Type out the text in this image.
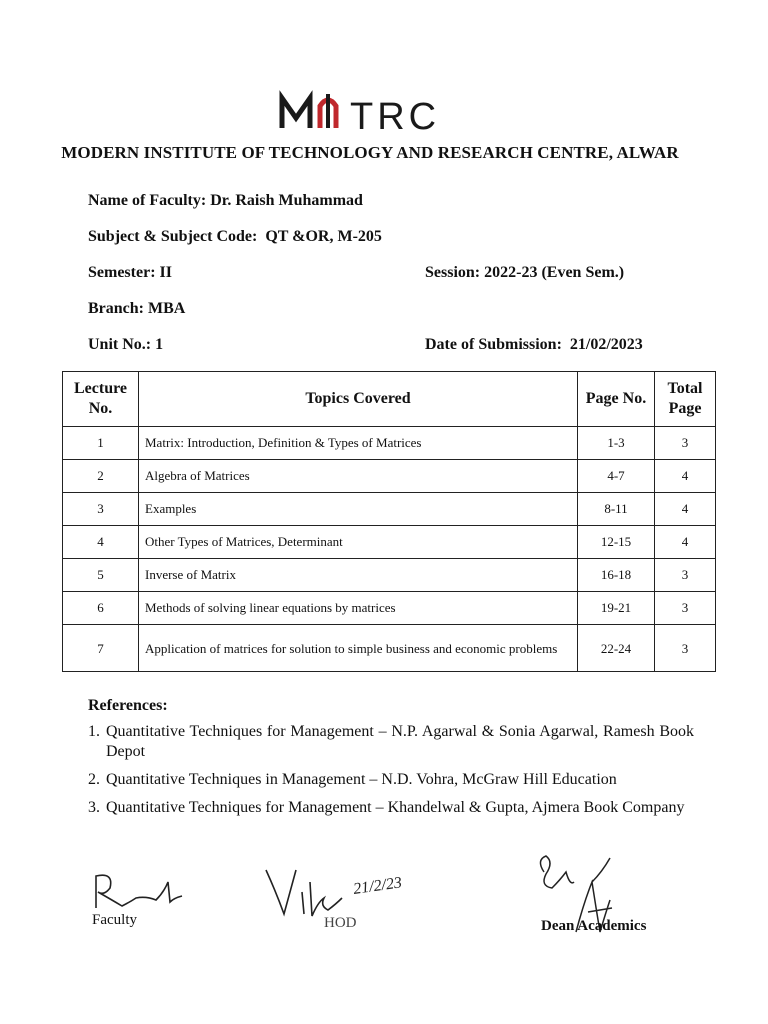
TRC
MODERN INSTITUTE OF TECHNOLOGY AND RESEARCH CENTRE, ALWAR
Name of Faculty: Dr. Raish Muhammad
Subject & Subject Code: QT &OR, M-205
Semester: II	Session: 2022-23 (Even Sem.)
Branch: MBA
Unit No.: 1	Date of Submission: 21/02/2023
Lecture No.	Topics Covered	Page No.	Total Page
1	Matrix: Introduction, Definition & Types of Matrices	1-3	3
2	Algebra of Matrices	4-7	4
3	Examples	8-11	4
4	Other Types of Matrices, Determinant	12-15	4
5	Inverse of Matrix	16-18	3
6	Methods of solving linear equations by matrices	19-21	3
7	Application of matrices for solution to simple business and economic problems	22-24	3
References:
1. Quantitative Techniques for Management – N.P. Agarwal & Sonia Agarwal, Ramesh Book Depot
2. Quantitative Techniques in Management – N.D. Vohra, McGraw Hill Education
3. Quantitative Techniques for Management – Khandelwal & Gupta, Ajmera Book Company
Faculty
21/2/23
HOD	Dean Academics
